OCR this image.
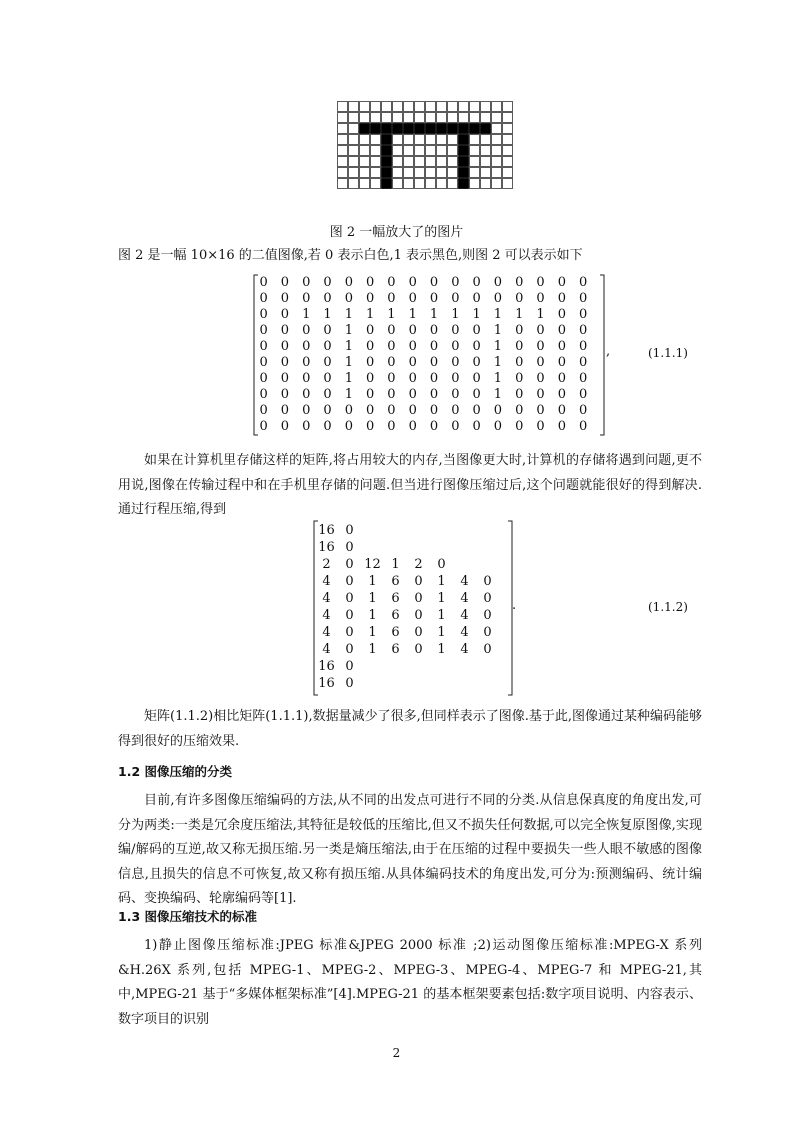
图 2 一幅放大了的图片
图 2 是一幅 10×16 的二值图像,若 0 表示白色,1 表示黑色,则图 2 可以表示如下
0	0	0	0	0	0	0	0	0	0	0	0	0	0	0	0
0	0	0	0	0	0	0	0	0	0	0	0	0	0	0	0
0	0	1	1	1	1	1	1	1	1	1	1	1	1	0	0
0	0	0	0	1	0	0	0	0	0	0	1	0	0	0	0
0	0	0	0	1	0	0	0	0	0	0	1	0	0	0	0
0	0	0	0	1	0	0	0	0	0	0	1	0	0	0	0
0	0	0	0	1	0	0	0	0	0	0	1	0	0	0	0
0	0	0	0	1	0	0	0	0	0	0	1	0	0	0	0
0	0	0	0	0	0	0	0	0	0	0	0	0	0	0	0
0	0	0	0	0	0	0	0	0	0	0	0	0	0	0	0
,	(1.1.1)
如果在计算机里存储这样的矩阵,将占用较大的内存,当图像更大时,计算机的存储将遇到问题,更不用说,图像在传输过程中和在手机里存储的问题.但当进行图像压缩过后,这个问题就能很好的得到解决.通过行程压缩,得到
16 0
16 0
2	0 12 1	2	0
4	0	1	6	0	1	4	0
4	0	1	6	0	1	4	0
4	0	1	6	0	1	4	0
4	0	1	6	0	1	4	0
4	0	1	6	0	1	4	0
16 0
16 0
.	(1.1.2)
矩阵(1.1.2)相比矩阵(1.1.1),数据量减少了很多,但同样表示了图像.基于此,图像通过某种编码能够得到很好的压缩效果.
1.2 图像压缩的分类
目前,有许多图像压缩编码的方法,从不同的出发点可进行不同的分类.从信息保真度的角度出发,可分为两类:一类是冗余度压缩法,其特征是较低的压缩比,但又不损失任何数据,可以完全恢复原图像,实现编/解码的互逆,故又称无损压缩.另一类是熵压缩法,由于在压缩的过程中要损失一些人眼不敏感的图像信息,且损失的信息不可恢复,故又称有损压缩.从具体编码技术的角度出发,可分为:预测编码、统计编码、变换编码、轮廓编码等[1].
1.3 图像压缩技术的标准
1)静止图像压缩标准:JPEG 标准&JPEG 2000 标准 ;2)运动图像压缩标准:MPEG-X 系列&H.26X 系列,包括 MPEG-1、MPEG-2、MPEG-3、MPEG-4、MPEG-7 和 MPEG-21,其中,MPEG-21 基于“多媒体框架标准”[4].MPEG-21 的基本框架要素包括:数字项目说明、内容表示、数字项目的识别
2
